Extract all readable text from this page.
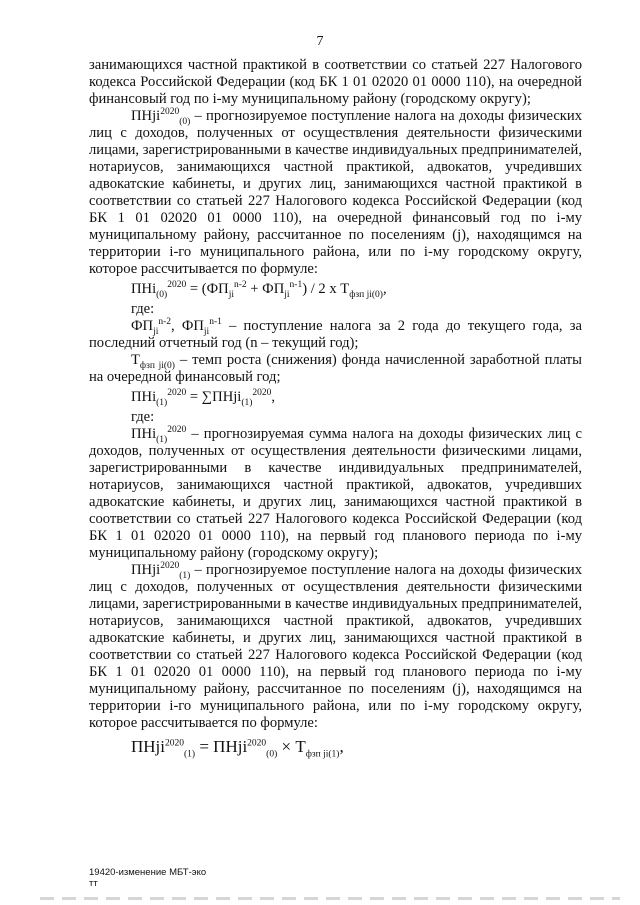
7

занимающихся частной практикой в соответствии со статьей 227 Налогового кодекса Российской Федерации (код БК 1 01 02020 01 0000 110), на очередной финансовый год по i-му муниципальному району (городскому округу);

ПНji$^{2020}_{(0)}$ – прогнозируемое поступление налога на доходы физических лиц с доходов, полученных от осуществления деятельности физическими лицами, зарегистрированными в качестве индивидуальных предпринимателей, нотариусов, занимающихся частной практикой, адвокатов, учредивших адвокатские кабинеты, и других лиц, занимающихся частной практикой в соответствии со статьей 227 Налогового кодекса Российской Федерации (код БК 1 01 02020 01 0000 110), на очередной финансовый год по i-му муниципальному району, рассчитанное по поселениям (j), находящимся на территории i-го муниципального района, или по i-му городскому округу, которое рассчитывается по формуле:

$ПНi_{(0)}^{2020} = (ФП_{ji}^{n-2} + ФП_{ji}^{n-1}) / 2$ x $Т_{фзп ji(0)}$,

где:

$ФП_{ji}^{n-2}$, $ФП_{ji}^{n-1}$ – поступление налога за 2 года до текущего года, за последний отчетный год (n – текущий год);

$Т_{фзп ji(0)}$ – темп роста (снижения) фонда начисленной заработной платы на очередной финансовый год;

ПНi$_{(1)}^{2020}$ = ∑ПНji$_{(1)}^{2020}$,

где:

ПНi$_{(1)}^{2020}$ – прогнозируемая сумма налога на доходы физических лиц с доходов, полученных от осуществления деятельности физическими лицами, зарегистрированными в качестве индивидуальных предпринимателей, нотариусов, занимающихся частной практикой, адвокатов, учредивших адвокатские кабинеты, и других лиц, занимающихся частной практикой в соответствии со статьей 227 Налогового кодекса Российской Федерации (код БК 1 01 02020 01 0000 110), на первый год планового периода по i-му муниципальному району (городскому округу);

ПНji$^{2020}_{(1)}$ – прогнозируемое поступление налога на доходы физических лиц с доходов, полученных от осуществления деятельности физическими лицами, зарегистрированными в качестве индивидуальных предпринимателей, нотариусов, занимающихся частной практикой, адвокатов, учредивших адвокатские кабинеты, и других лиц, занимающихся частной практикой в соответствии со статьей 227 Налогового кодекса Российской Федерации (код БК 1 01 02020 01 0000 110), на первый год планового периода по i-му муниципальному району, рассчитанное по поселениям (j), находящимся на территории i-го муниципального района, или по i-му городскому округу, которое рассчитывается по формуле:

ПНji$^{2020}_{(1)}$ = ПНji$^{2020}_{(0)}$ × $Т_{фзп ji(1)}$,

19420-изменение МБТ-эко
тт
